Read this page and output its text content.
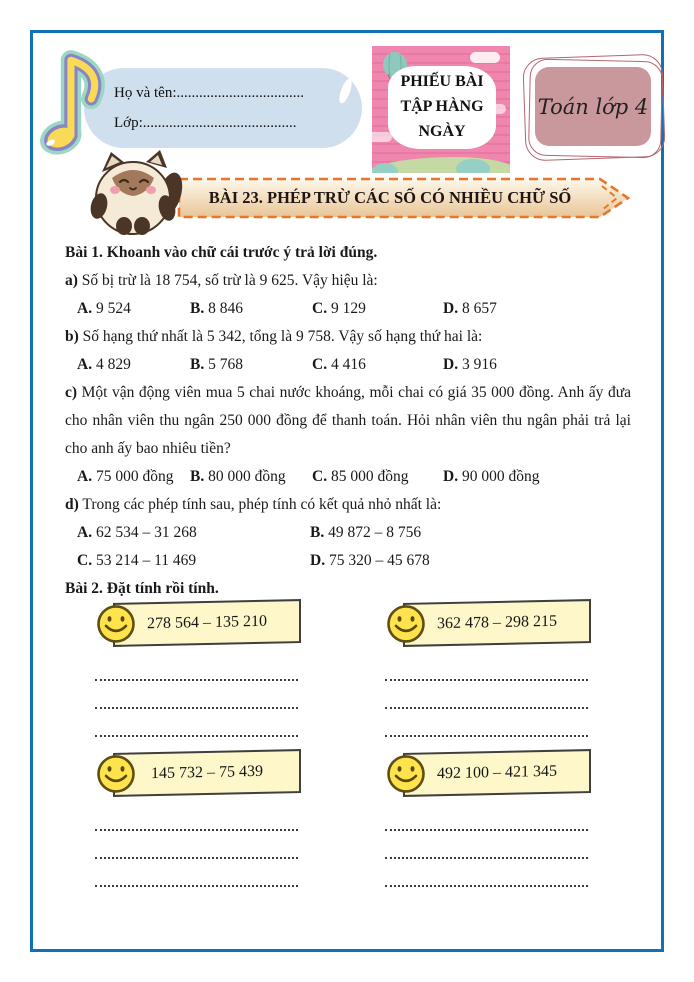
Họ và tên:..................................
Lớp:.........................................
PHIẾU BÀI TẬP HÀNG NGÀY
Toán lớp 4
BÀI 23. PHÉP TRỪ CÁC SỐ CÓ NHIỀU CHỮ SỐ
Bài 1. Khoanh vào chữ cái trước ý trả lời đúng.
a) Số bị trừ là 18 754, số trừ là 9 625. Vậy hiệu là:
A. 9 524	B. 8 846	C. 9 129	D. 8 657
b) Số hạng thứ nhất là 5 342, tổng là 9 758. Vậy số hạng thứ hai là:
A. 4 829	B. 5 768	C. 4 416	D. 3 916
c) Một vận động viên mua 5 chai nước khoáng, mỗi chai có giá 35 000 đồng. Anh ấy đưa cho nhân viên thu ngân 250 000 đồng để thanh toán. Hỏi nhân viên thu ngân phải trả lại cho anh ấy bao nhiêu tiền?
A. 75 000 đồng	B. 80 000 đồng	C. 85 000 đồng	D. 90 000 đồng
d) Trong các phép tính sau, phép tính có kết quả nhỏ nhất là:
A. 62 534 – 31 268	B. 49 872 – 8 756
C. 53 214 – 11 469	D. 75 320 – 45 678
Bài 2. Đặt tính rồi tính.
278 564 – 135 210
145 732 – 75 439
362 478 – 298 215
492 100 – 421 345
